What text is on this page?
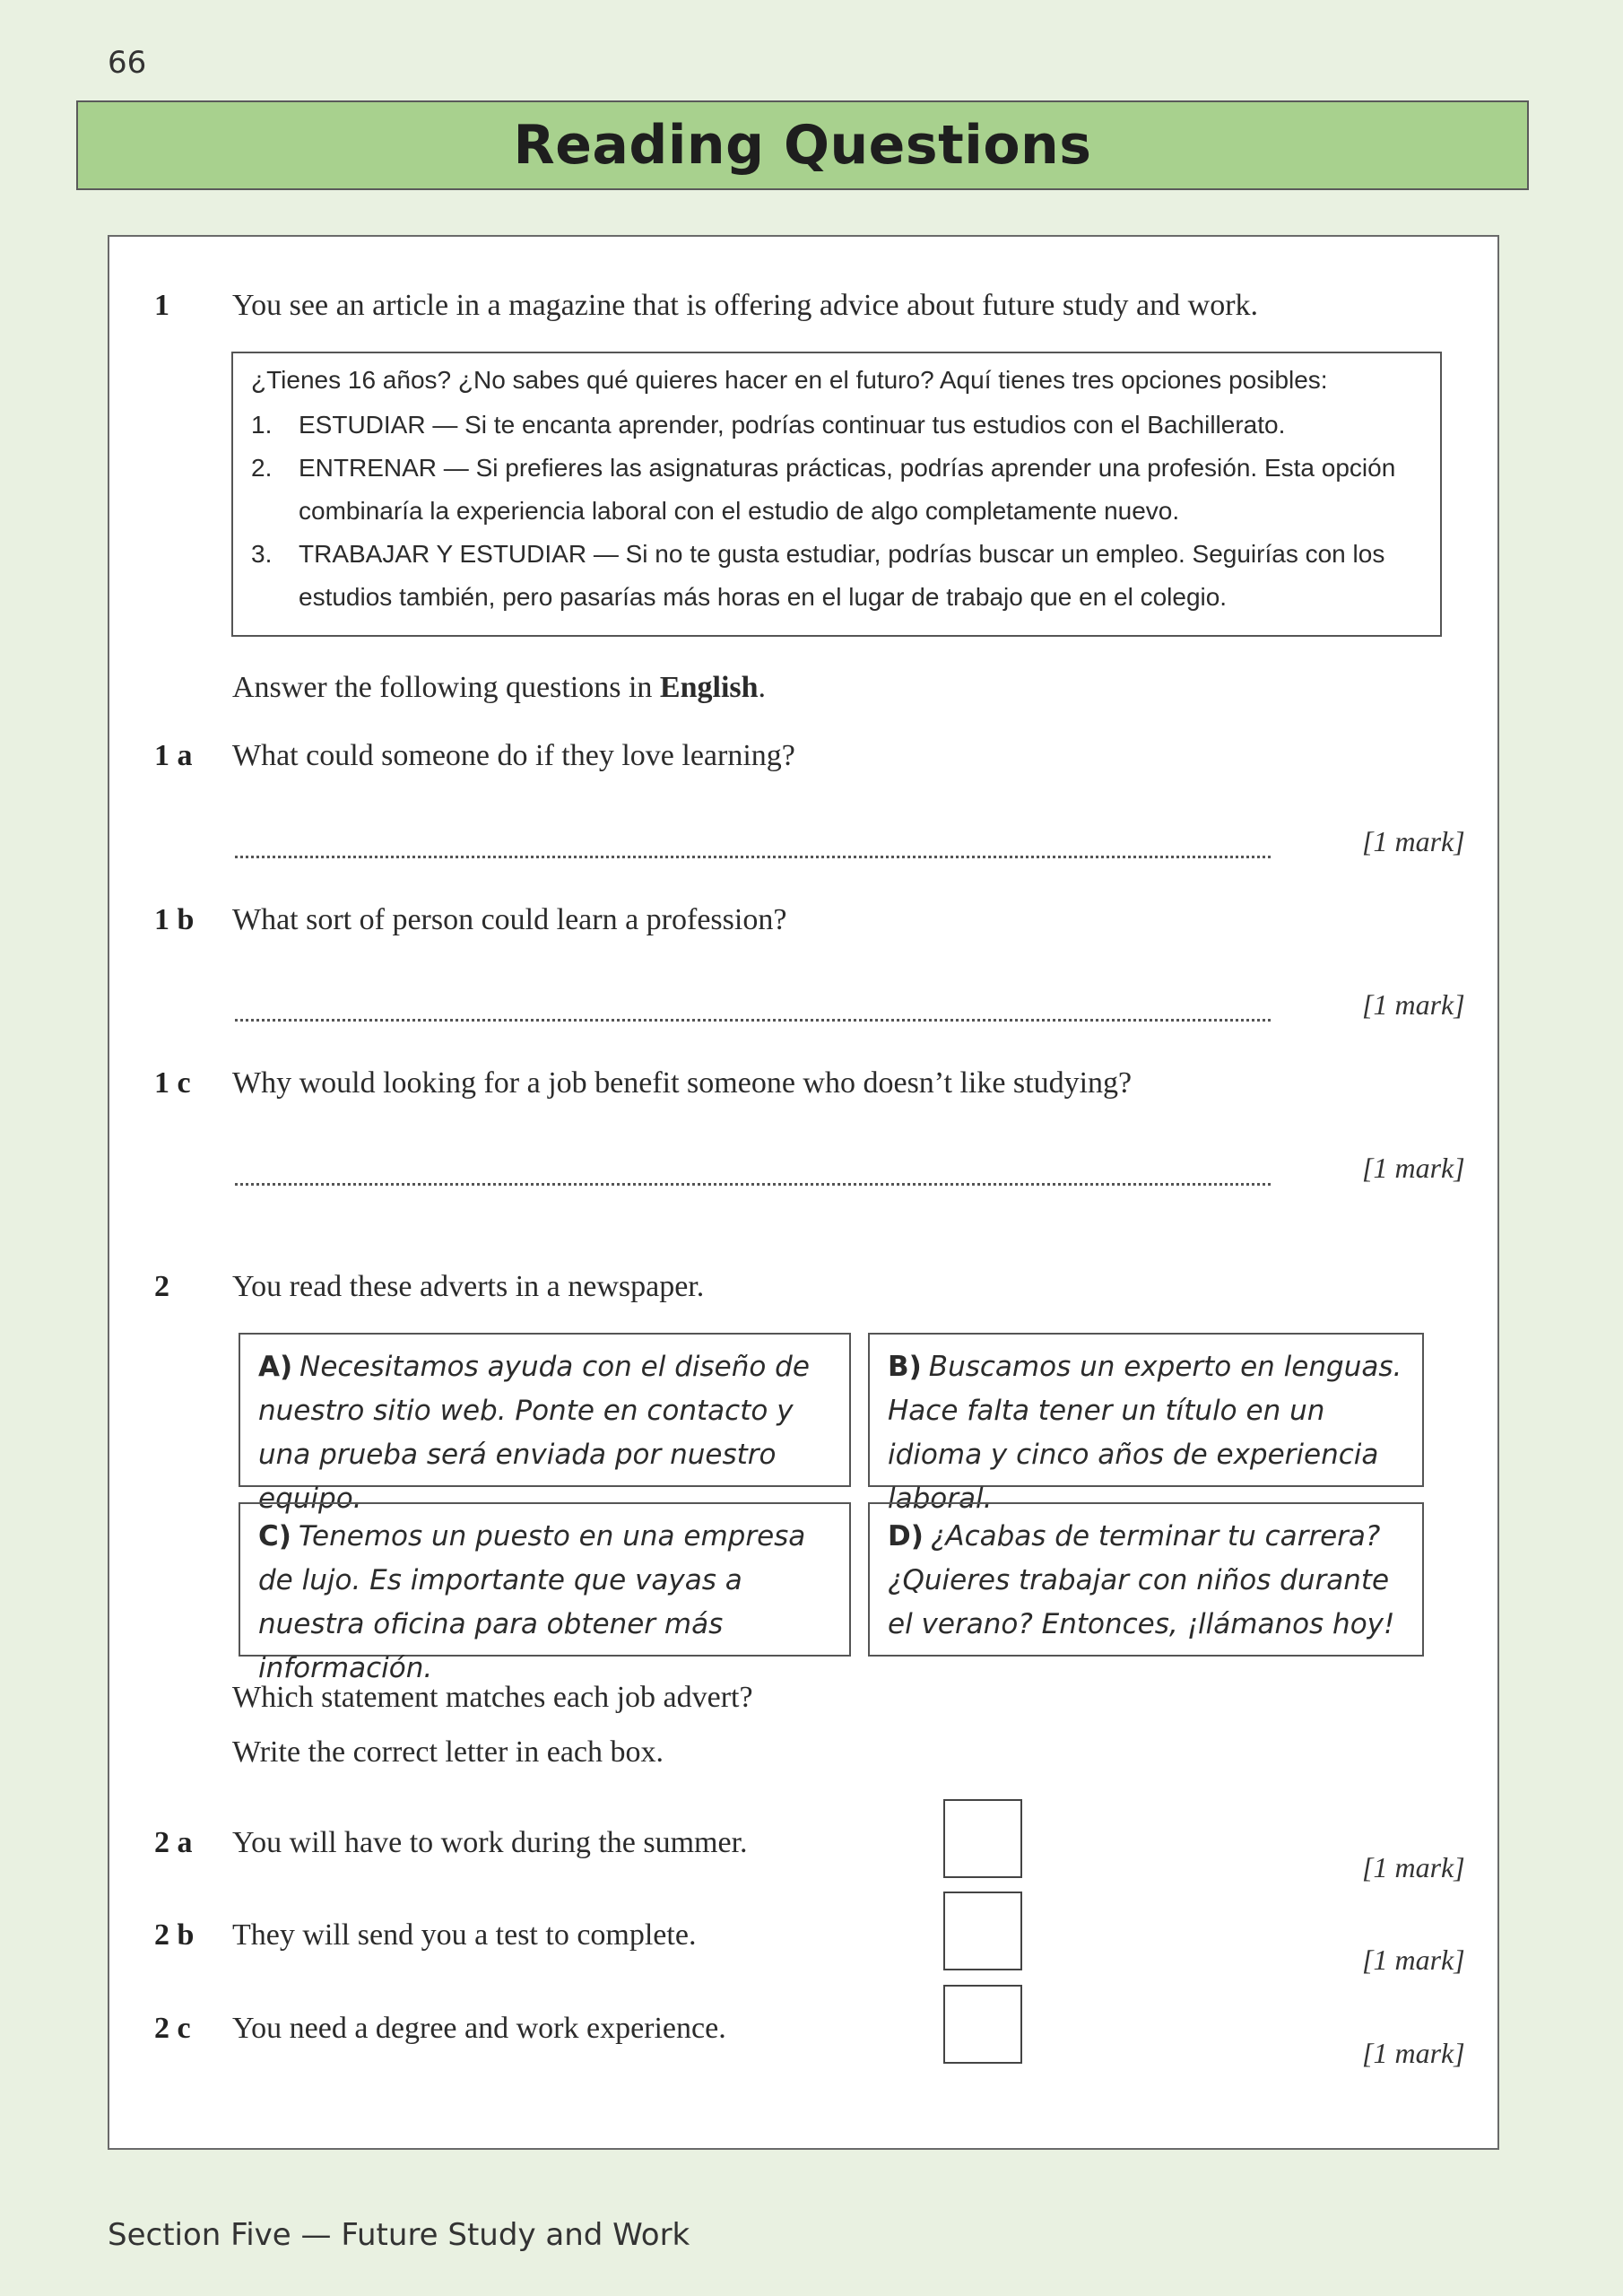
66
Reading Questions
1 You see an article in a magazine that is offering advice about future study and work.

¿Tienes 16 años? ¿No sabes qué quieres hacer en el futuro? Aquí tienes tres opciones posibles:

1.	ESTUDIAR — Si te encanta aprender, podrías continuar tus estudios con el Bachillerato.
2.	ENTRENAR — Si prefieres las asignaturas prácticas, podrías aprender una profesión. Esta opción combinaría la experiencia laboral con el estudio de algo completamente nuevo.
3.	TRABAJAR Y ESTUDIAR — Si no te gusta estudiar, podrías buscar un empleo. Seguirías con los estudios también, pero pasarías más horas en el lugar de trabajo que en el colegio.
Answer the following questions in English.
1 a What could someone do if they love learning?
[1 mark]
1 b What sort of person could learn a profession?
[1 mark]
1 c Why would looking for a job benefit someone who doesn’t like studying?
[1 mark]
2 You read these adverts in a newspaper.
A) Necesitamos ayuda con el diseño de nuestro sitio web. Ponte en contacto y una prueba será enviada por nuestro equipo.
B) Buscamos un experto en lenguas. Hace falta tener un título en un idioma y cinco años de experiencia laboral.
C) Tenemos un puesto en una empresa de lujo. Es importante que vayas a nuestra oficina para obtener más información.
D) ¿Acabas de terminar tu carrera? ¿Quieres trabajar con niños durante el verano? Entonces, ¡llámanos hoy!
Which statement matches each job advert?
Write the correct letter in each box.
2 a You will have to work during the summer.
[1 mark]
2 b They will send you a test to complete.
[1 mark]
2 c You need a degree and work experience.
[1 mark]
Section Five — Future Study and Work
